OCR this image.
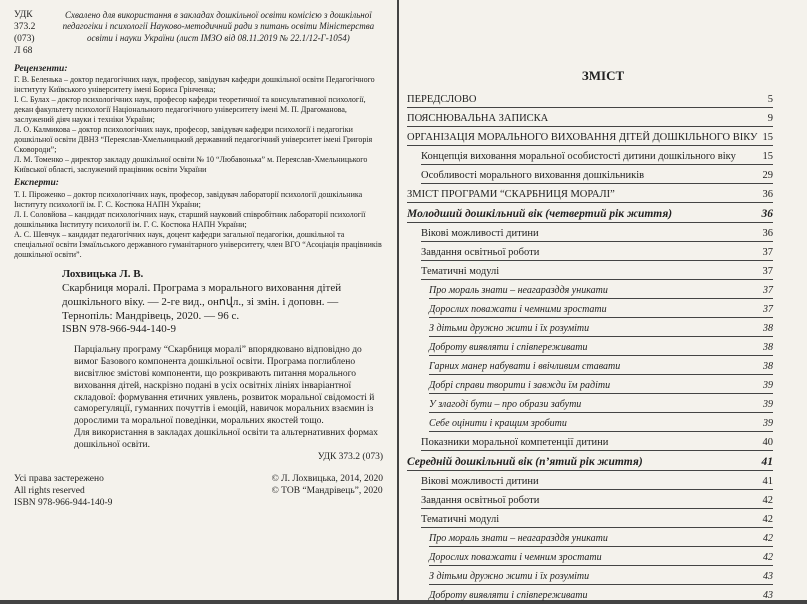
УДК 373.2 (073)
Л 68
Схвалено для використання в закладах дошкільної освіти комісією з дошкільної педагогіки і психології Науково-методичний ради з питань освіти Міністерства освіти і науки України (лист ІМЗО від 08.11.2019 № 22.1/12-Г-1054)
Рецензенти:
Г. В. Беленька – доктор педагогічних наук, професор, завідувач кафедри дошкільної освіти Педагогічного інституту Київського університету імені Бориса Грінченка;
І. С. Булах – доктор психологічних наук, професор кафедри теоретичної та консультативної психології, декан факультету психології Національного педагогічного університету імені М. П. Драгоманова, заслужений діяч науки і техніки України;
Л. О. Калмикова – доктор психологічних наук, професор, завідувач кафедри психології і педагогіки дошкільної освіти ДВНЗ “Переяслав-Хмельницький державний педагогічний університет імені Григорія Сковороди”;
Л. М. Томенко – директор закладу дошкільної освіти № 10 “Любавонька” м. Переяслав-Хмельницького Київської області, заслужений працівник освіти України
Експерти:
Т. І. Піроженко – доктор психологічних наук, професор, завідувач лабораторії психології дошкільника Інституту психології ім. Г. С. Костюка НАПН України;
Л. І. Соловйова – кандидат психологічних наук, старший науковий співробітник лабораторії психології дошкільника Інституту психології ім. Г. С. Костюка НАПН України;
А. С. Шевчук – кандидат педагогічних наук, доцент кафедри загальної педагогіки, дошкільної та спеціальної освіти Ізмаїльського державного гуманітарного університету, член ВГО “Асоціація працівників дошкільної освіти”.
Лохвицька Л. В.
Скарбниця моралі. Програма з морального виховання дітей дошкільного віку. — 2-ге вид., онովл., зі змін. і доповн. — Тернопіль: Мандрівець, 2020. — 96 с.
ISBN 978-966-944-140-9
Парціальну програму “Скарбниця моралі” впорядковано відповідно до вимог Базового компонента дошкільної освіти. Програма поглиблено висвітлює змістові компоненти, що розкривають питання морального виховання дітей, наскрізно подані в усіх освітніх лініях інваріантної складової: формування етичних уявлень, розвиток моральної свідомості й саморегуляції, гуманних почуттів і емоцій, навичок моральних взаємин із дорослими та моральної поведінки, моральних якостей тощо.
Для використання в закладах дошкільної освіти та альтернативних формах дошкільної освіти.
УДК 373.2 (073)
Усі права застережено
All rights reserved
ISBN 978-966-944-140-9
© Л. Лохвицька, 2014, 2020
© ТОВ “Мандрівець”, 2020
ЗМІСТ
ПЕРЕДСЛОВО	5
ПОЯСНЮВАЛЬНА ЗАПИСКА	9
ОРГАНІЗАЦІЯ МОРАЛЬНОГО ВИХОВАННЯ ДІТЕЙ ДОШКІЛЬНОГО ВІКУ 15
Концепція виховання моральної особистості дитини дошкільного віку	15
Особливості морального виховання дошкільників	29
ЗМІСТ ПРОГРАМИ “СКАРБНИЦЯ МОРАЛІ”	36
Молодший дошкільний вік (четвертий рік життя)	36
Вікові можливості дитини	36
Завдання освітньої роботи	37
Тематичні модулі	37
Про мораль знати – неагаразддя уникати	37
Дорослих поважати і чемними зростати	37
З дітьми дружно жити і їх розуміти	38
Доброту виявляти і співпереживати	38
Гарних манер набувати і ввічливим ставати	38
Добрі справи творити і завжди їм радіти	39
У злагоді бути – про образи забути	39
Себе оцінити і кращим зробити	39
Показники моральної компетенції дитини	40
Середній дошкільний вік (п’ятий рік життя)	41
Вікові можливості дитини	41
Завдання освітньої роботи	42
Тематичні модулі	42
Про мораль знати – неагаразддя уникати	42
Дорослих поважати і чемним зростати	42
З дітьми дружно жити і їх розуміти	43
Доброту виявляти і співпереживати	43
